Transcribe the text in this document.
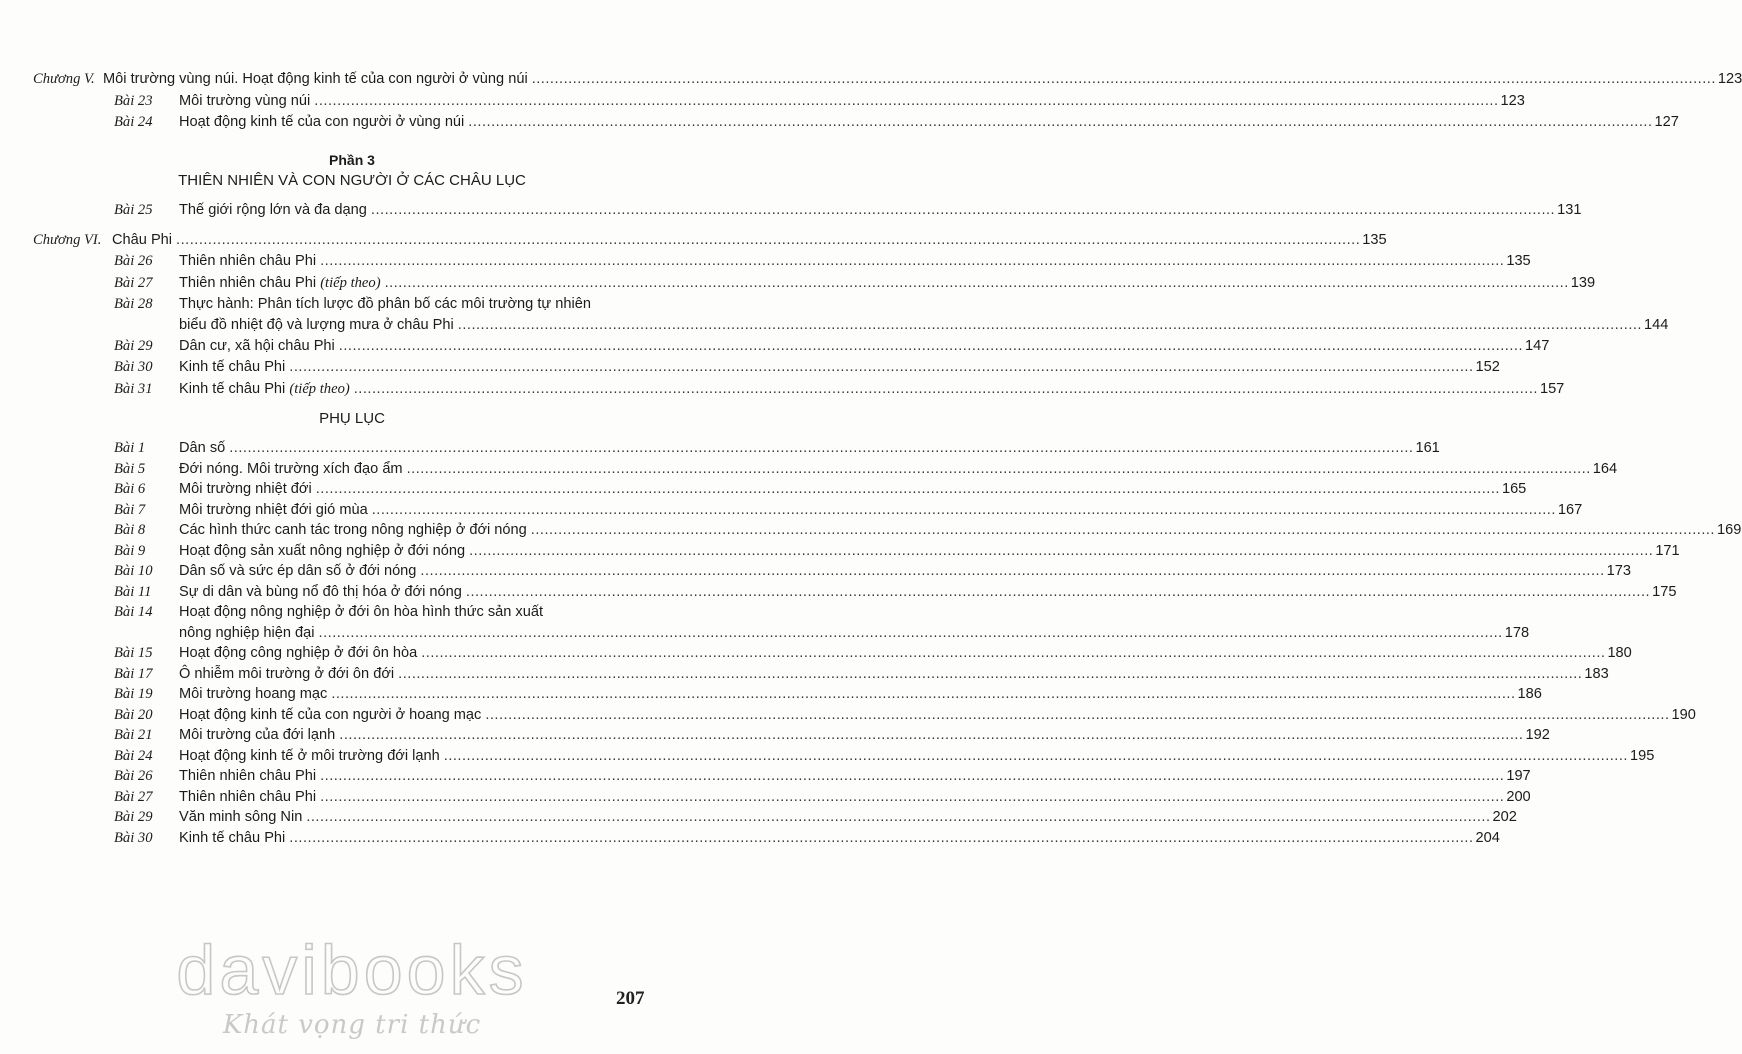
Chương V. Môi trường vùng núi. Hoạt động kinh tế của con người ở vùng núi .................................................................................................................................................................................................................................................................... 123
Bài 23 Môi trường vùng núi .................................................................................................................................................................................................................................................................... 123
Bài 24 Hoạt động kinh tế của con người ở vùng núi .................................................................................................................................................................................................................................................................... 127
Bài 25 Thế giới rộng lớn và đa dạng .................................................................................................................................................................................................................................................................... 131
Chương VI. Châu Phi .................................................................................................................................................................................................................................................................... 135
Bài 26 Thiên nhiên châu Phi .................................................................................................................................................................................................................................................................... 135
Bài 27 Thiên nhiên châu Phi (tiếp theo) .................................................................................................................................................................................................................................................................... 139
Bài 28 Thực hành: Phân tích lược đồ phân bố các môi trường tự nhiên
biểu đồ nhiệt độ và lượng mưa ở châu Phi .................................................................................................................................................................................................................................................................... 144
Bài 29 Dân cư, xã hội châu Phi .................................................................................................................................................................................................................................................................... 147
Bài 30 Kinh tế châu Phi .................................................................................................................................................................................................................................................................... 152
Bài 31 Kinh tế châu Phi (tiếp theo) .................................................................................................................................................................................................................................................................... 157
Bài 1 Dân số .................................................................................................................................................................................................................................................................... 161
Bài 5 Đới nóng. Môi trường xích đạo ẩm .................................................................................................................................................................................................................................................................... 164
Bài 6 Môi trường nhiệt đới .................................................................................................................................................................................................................................................................... 165
Bài 7 Môi trường nhiệt đới gió mùa .................................................................................................................................................................................................................................................................... 167
Bài 8 Các hình thức canh tác trong nông nghiệp ở đới nóng .................................................................................................................................................................................................................................................................... 169
Bài 9 Hoạt động sản xuất nông nghiệp ở đới nóng .................................................................................................................................................................................................................................................................... 171
Bài 10 Dân số và sức ép dân số ở đới nóng .................................................................................................................................................................................................................................................................... 173
Bài 11 Sự di dân và bùng nổ đô thị hóa ở đới nóng .................................................................................................................................................................................................................................................................... 175
Bài 14 Hoạt động nông nghiệp ở đới ôn hòa hình thức sản xuất
nông nghiệp hiện đại .................................................................................................................................................................................................................................................................... 178
Bài 15 Hoạt động công nghiệp ở đới ôn hòa .................................................................................................................................................................................................................................................................... 180
Bài 17 Ô nhiễm môi trường ở đới ôn đới .................................................................................................................................................................................................................................................................... 183
Bài 19 Môi trường hoang mạc .................................................................................................................................................................................................................................................................... 186
Bài 20 Hoạt động kinh tế của con người ở hoang mạc .................................................................................................................................................................................................................................................................... 190
Bài 21 Môi trường của đới lạnh .................................................................................................................................................................................................................................................................... 192
Bài 24 Hoạt động kinh tế ở môi trường đới lạnh .................................................................................................................................................................................................................................................................... 195
Bài 26 Thiên nhiên châu Phi .................................................................................................................................................................................................................................................................... 197
Bài 27 Thiên nhiên châu Phi .................................................................................................................................................................................................................................................................... 200
Bài 29 Văn minh sông Nin .................................................................................................................................................................................................................................................................... 202
Bài 30 Kinh tế châu Phi .................................................................................................................................................................................................................................................................... 204
Phần 3
THIÊN NHIÊN VÀ CON NGƯỜI Ở CÁC CHÂU LỤC
PHỤ LỤC
207
davibooks
Khát vọng tri thức
